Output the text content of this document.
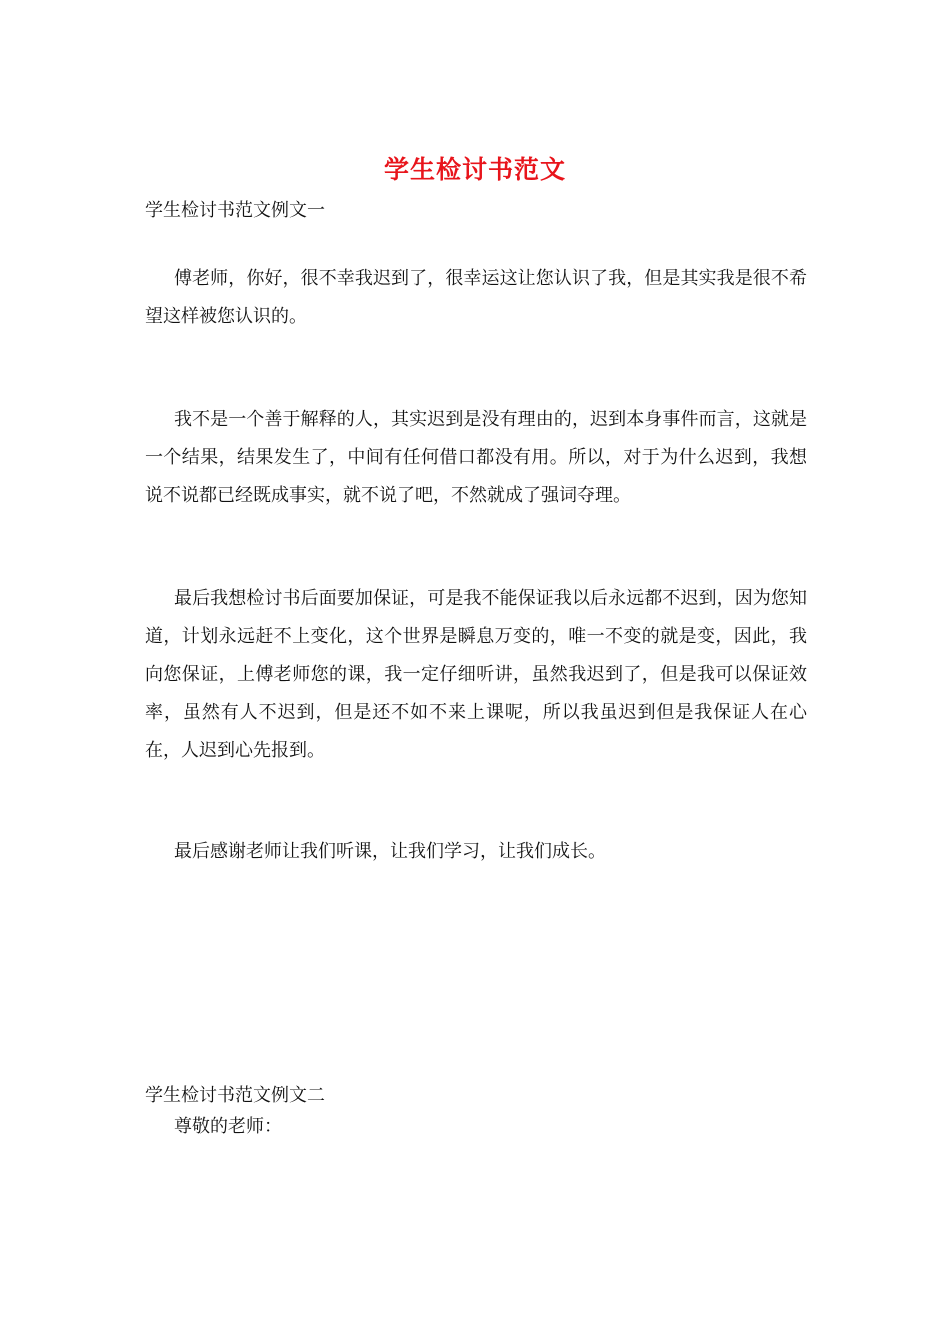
学生检讨书范文
学生检讨书范文例文一
傅老师，你好，很不幸我迟到了，很幸运这让您认识了我，但是其实我是很不希望这样被您认识的。
我不是一个善于解释的人，其实迟到是没有理由的，迟到本身事件而言，这就是一个结果，结果发生了，中间有任何借口都没有用。所以，对于为什么迟到，我想说不说都已经既成事实，就不说了吧，不然就成了强词夺理。
最后我想检讨书后面要加保证，可是我不能保证我以后永远都不迟到，因为您知道，计划永远赶不上变化，这个世界是瞬息万变的，唯一不变的就是变，因此，我向您保证，上傅老师您的课，我一定仔细听讲，虽然我迟到了，但是我可以保证效率，虽然有人不迟到，但是还不如不来上课呢，所以我虽迟到但是我保证人在心在，人迟到心先报到。
最后感谢老师让我们听课，让我们学习，让我们成长。
学生检讨书范文例文二
尊敬的老师：
